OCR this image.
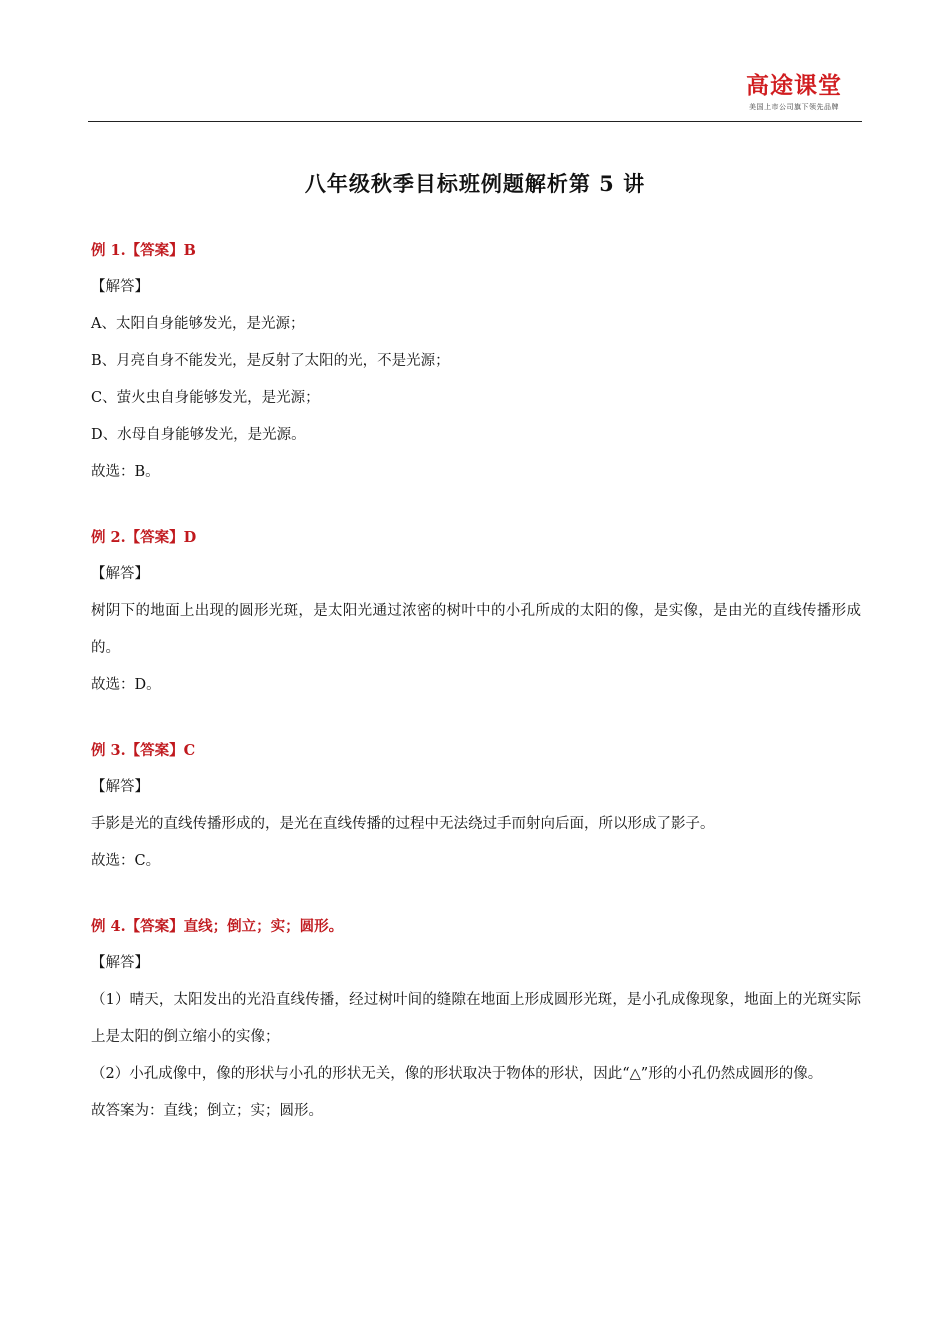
高途课堂
美国上市公司旗下领先品牌
八年级秋季目标班例题解析第 5 讲
例 1.【答案】B
【解答】
A、太阳自身能够发光，是光源；
B、月亮自身不能发光，是反射了太阳的光，不是光源；
C、萤火虫自身能够发光，是光源；
D、水母自身能够发光，是光源。
故选：B。
例 2.【答案】D
【解答】
树阴下的地面上出现的圆形光斑，是太阳光通过浓密的树叶中的小孔所成的太阳的像，是实像，是由光的直线传播形成的。
故选：D。
例 3.【答案】C
【解答】
手影是光的直线传播形成的，是光在直线传播的过程中无法绕过手而射向后面，所以形成了影子。
故选：C。
例 4.【答案】直线；倒立；实；圆形。
【解答】
（1）晴天，太阳发出的光沿直线传播，经过树叶间的缝隙在地面上形成圆形光斑，是小孔成像现象，地面上的光斑实际上是太阳的倒立缩小的实像；
（2）小孔成像中，像的形状与小孔的形状无关，像的形状取决于物体的形状，因此“△”形的小孔仍然成圆形的像。
故答案为：直线；倒立；实；圆形。
